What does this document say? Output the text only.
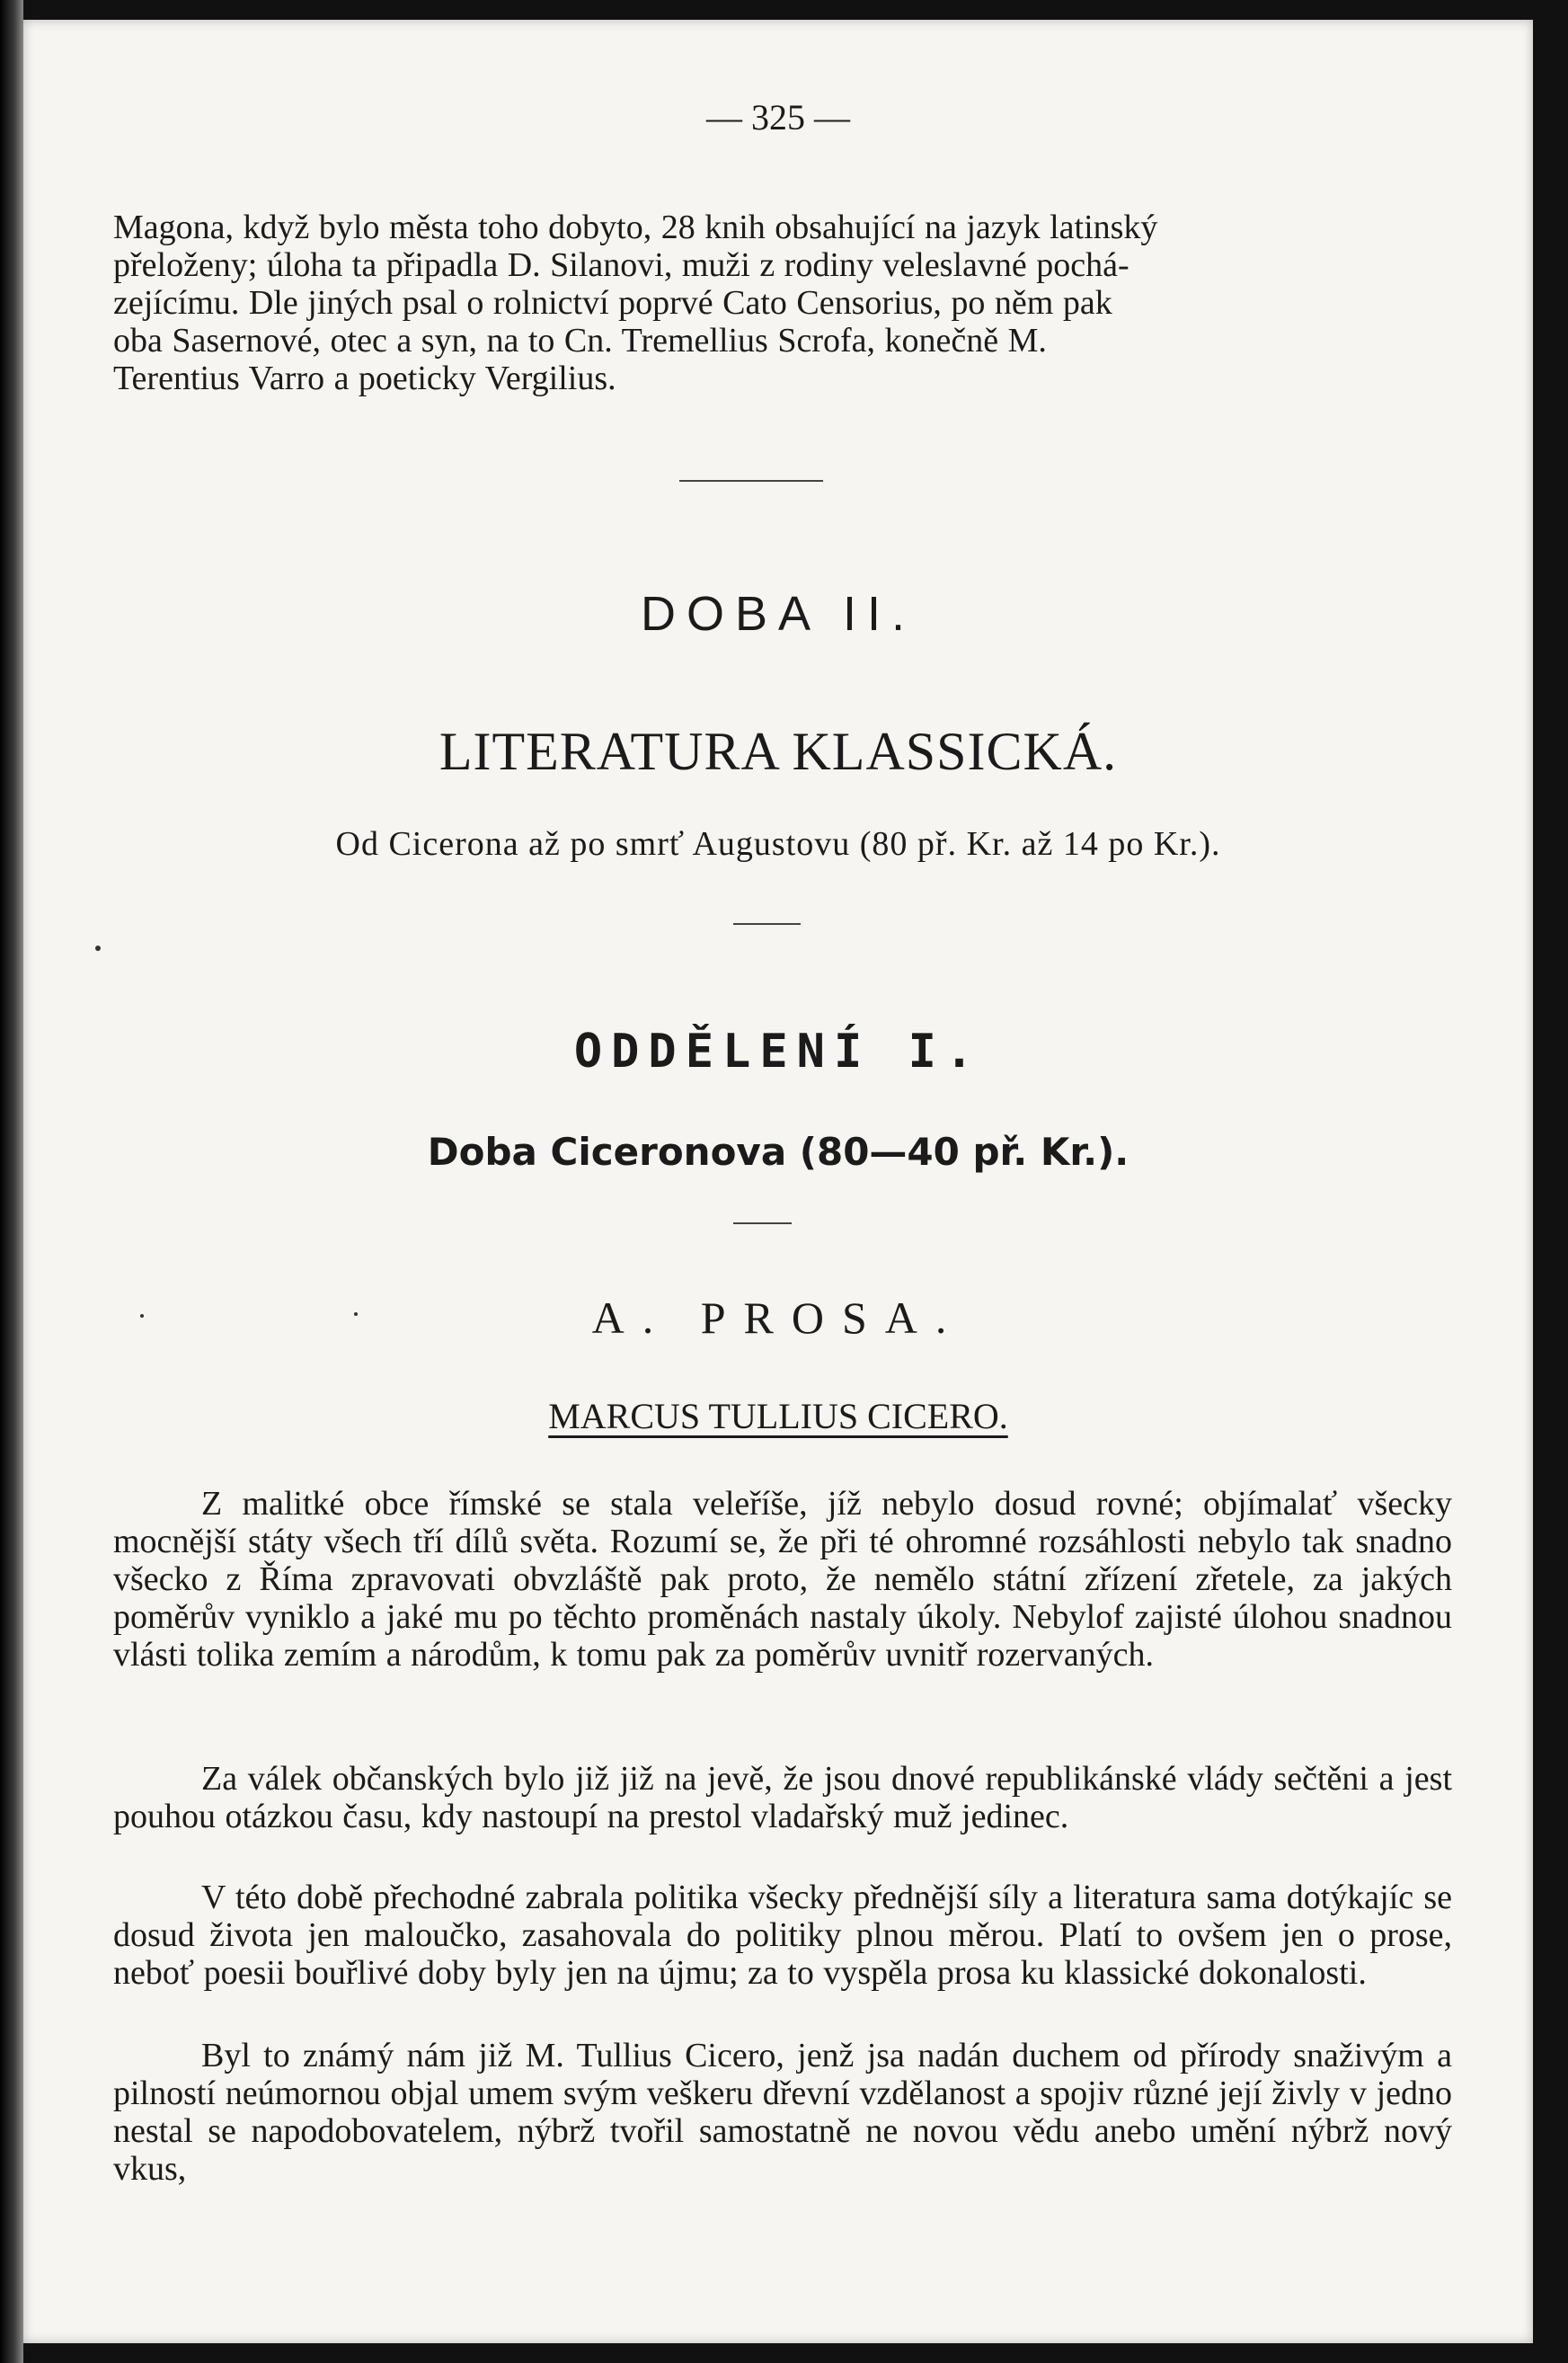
— 325 —
Magona, když bylo města toho dobyto, 28 knih obsahující na jazyk latinský
přeloženy; úloha ta připadla D. Silanovi, muži z rodiny veleslavné pochá-
zejícímu. Dle jiných psal o rolnictví poprvé Cato Censorius, po něm pak
oba Sasernové, otec a syn, na to Cn. Tremellius Scrofa, konečně M.
Terentius Varro a poeticky Vergilius.
DOBA II.
LITERATURA KLASSICKÁ.
Od Cicerona až po smrť Augustovu (80 př. Kr. až 14 po Kr.).
ODDĚLENÍ I.
Doba Ciceronova (80—40 př. Kr.).
A. PROSA.
MARCUS TULLIUS CICERO.
Z malitké obce římské se stala veleříše, jíž nebylo dosud rovné; objímalať všecky mocnější státy všech tří dílů světa. Rozumí se, že při té ohromné rozsáhlosti nebylo tak snadno všecko z Říma zpravovati obvzláště pak proto, že nemělo státní zřízení zřetele, za jakých poměrův vyniklo a jaké mu po těchto proměnách nastaly úkoly. Nebylof zajisté úlohou snadnou vlásti tolika zemím a národům, k tomu pak za poměrův uvnitř rozervaných.
Za válek občanských bylo již již na jevě, že jsou dnové republikánské vlády sečtěni a jest pouhou otázkou času, kdy nastoupí na prestol vladařský muž jedinec.
V této době přechodné zabrala politika všecky přednější síly a literatura sama dotýkajíc se dosud života jen maloučko, zasahovala do politiky plnou měrou. Platí to ovšem jen o prose, neboť poesii bouřlivé doby byly jen na újmu; za to vyspěla prosa ku klassické dokonalosti.
Byl to známý nám již M. Tullius Cicero, jenž jsa nadán duchem od přírody snaživým a pilností neúmornou objal umem svým veškeru dřevní vzdělanost a spojiv různé její živly v jedno nestal se napodobovatelem, nýbrž tvořil samostatně ne novou vědu anebo umění nýbrž nový vkus,
